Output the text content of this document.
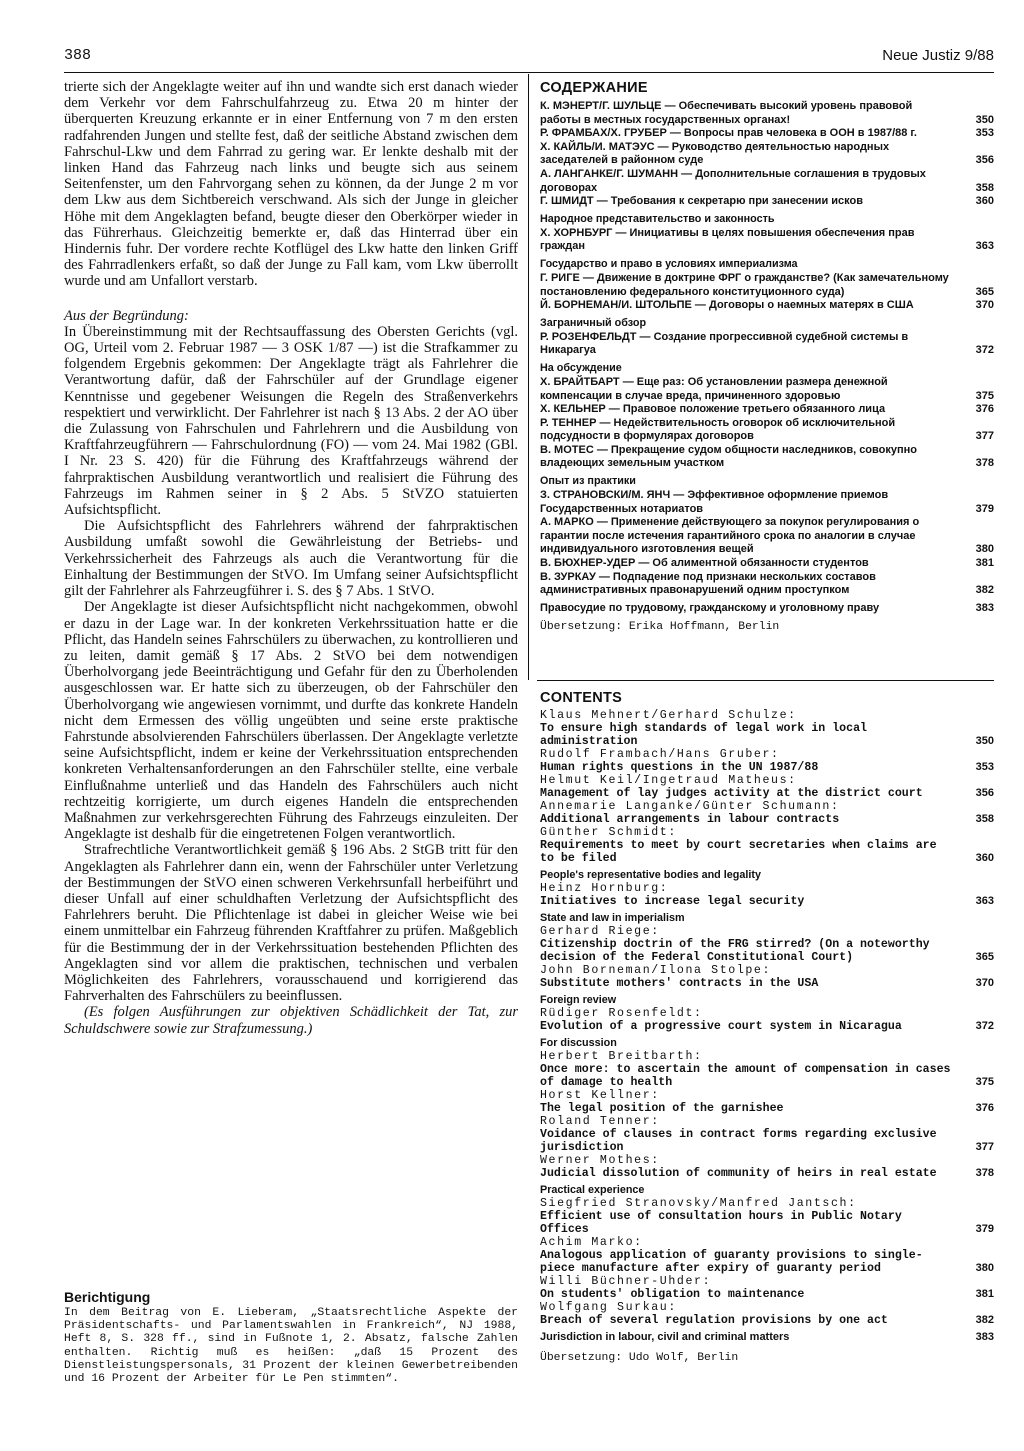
388	Neue Justiz 9/88

trierte sich der Angeklagte weiter auf ihn und wandte sich erst danach wieder dem Verkehr vor dem Fahrschulfahrzeug zu. Etwa 20 m hinter der überquerten Kreuzung erkannte er in einer Entfernung von 7 m den ersten radfahrenden Jungen und stellte fest, daß der seitliche Abstand zwischen dem Fahrschul-Lkw und dem Fahrrad zu gering war. Er lenkte deshalb mit der linken Hand das Fahrzeug nach links und beugte sich aus seinem Seitenfenster, um den Fahrvorgang sehen zu können, da der Junge 2 m vor dem Lkw aus dem Sichtbereich verschwand. Als sich der Junge in gleicher Höhe mit dem Angeklagten befand, beugte dieser den Oberkörper wieder in das Führerhaus. Gleichzeitig bemerkte er, daß das Hinterrad über ein Hindernis fuhr. Der vordere rechte Kotflügel des Lkw hatte den linken Griff des Fahrradlenkers erfaßt, so daß der Junge zu Fall kam, vom Lkw überrollt wurde und am Unfallort verstarb.

Aus der Begründung:

In Übereinstimmung mit der Rechtsauffassung des Obersten Gerichts (vgl. OG, Urteil vom 2. Februar 1987 — 3 OSK 1/87 —) ist die Strafkammer zu folgendem Ergebnis gekommen: Der Angeklagte trägt als Fahrlehrer die Verantwortung dafür, daß der Fahrschüler auf der Grundlage eigener Kenntnisse und gegebener Weisungen die Regeln des Straßenverkehrs respektiert und verwirklicht. Der Fahrlehrer ist nach § 13 Abs. 2 der AO über die Zulassung von Fahrschulen und Fahrlehrern und die Ausbildung von Kraftfahrzeugführern — Fahrschulordnung (FO) — vom 24. Mai 1982 (GBl. I Nr. 23 S. 420) für die Führung des Kraftfahrzeugs während der fahrpraktischen Ausbildung verantwortlich und realisiert die Führung des Fahrzeugs im Rahmen seiner in § 2 Abs. 5 StVZO statuierten Aufsichtspflicht.

Die Aufsichtspflicht des Fahrlehrers während der fahrpraktischen Ausbildung umfaßt sowohl die Gewährleistung der Betriebs- und Verkehrssicherheit des Fahrzeugs als auch die Verantwortung für die Einhaltung der Bestimmungen der StVO. Im Umfang seiner Aufsichtspflicht gilt der Fahrlehrer als Fahrzeugführer i. S. des § 7 Abs. 1 StVO.

Der Angeklagte ist dieser Aufsichtspflicht nicht nachgekommen, obwohl er dazu in der Lage war. In der konkreten Verkehrssituation hatte er die Pflicht, das Handeln seines Fahrschülers zu überwachen, zu kontrollieren und zu leiten, damit gemäß § 17 Abs. 2 StVO bei dem notwendigen Überholvorgang jede Beeinträchtigung und Gefahr für den zu Überholenden ausgeschlossen war. Er hatte sich zu überzeugen, ob der Fahrschüler den Überholvorgang wie angewiesen vornimmt, und durfte das konkrete Handeln nicht dem Ermessen des völlig ungeübten und seine erste praktische Fahrstunde absolvierenden Fahrschülers überlassen. Der Angeklagte verletzte seine Aufsichtspflicht, indem er keine der Verkehrssituation entsprechenden konkreten Verhaltensanforderungen an den Fahrschüler stellte, eine verbale Einflußnahme unterließ und das Handeln des Fahrschülers auch nicht rechtzeitig korrigierte, um durch eigenes Handeln die entsprechenden Maßnahmen zur verkehrsgerechten Führung des Fahrzeugs einzuleiten. Der Angeklagte ist deshalb für die eingetretenen Folgen verantwortlich.

Strafrechtliche Verantwortlichkeit gemäß § 196 Abs. 2 StGB tritt für den Angeklagten als Fahrlehrer dann ein, wenn der Fahrschüler unter Verletzung der Bestimmungen der StVO einen schweren Verkehrsunfall herbeiführt und dieser Unfall auf einer schuldhaften Verletzung der Aufsichtspflicht des Fahrlehrers beruht. Die Pflichtenlage ist dabei in gleicher Weise wie bei einem unmittelbar ein Fahrzeug führenden Kraftfahrer zu prüfen. Maßgeblich für die Bestimmung der in der Verkehrssituation bestehenden Pflichten des Angeklagten sind vor allem die praktischen, technischen und verbalen Möglichkeiten des Fahrlehrers, vorausschauend und korrigierend das Fahrverhalten des Fahrschülers zu beeinflussen.

(Es folgen Ausführungen zur objektiven Schädlichkeit der Tat, zur Schuldschwere sowie zur Strafzumessung.)

Berichtigung

In dem Beitrag von E. Lieberam, „Staatsrechtliche Aspekte der Präsidentschafts- und Parlamentswahlen in Frankreich“, NJ 1988, Heft 8, S. 328 ff., sind in Fußnote 1, 2. Absatz, falsche Zahlen enthalten. Richtig muß es heißen: „daß 15 Prozent des Dienstleistungspersonals, 31 Prozent der kleinen Gewerbetreibenden und 16 Prozent der Arbeiter für Le Pen stimmten“.

СОДЕРЖАНИЕ
К. МЭНЕРТ/Г. ШУЛЬЦЕ — Обеспечивать высокий уровень правовой работы в местных государственных органах!	350
Р. ФРАМБАХ/Х. ГРУБЕР — Вопросы прав человека в ООН в 1987/88 г.	353
Х. КАЙЛЬ/И. МАТЭУС — Руководство деятельностью народных заседателей в районном суде	356
А. ЛАНГАНКЕ/Г. ШУМАНН — Дополнительные соглашения в трудовых договорах	358
Г. ШМИДТ — Требования к секретарю при занесении исков	360
Народное представительство и законность
Х. ХОРНБУРГ — Инициативы в целях повышения обеспечения прав граждан	363
Государство и право в условиях империализма
Г. РИГЕ — Движение в доктрине ФРГ о гражданстве? (Как замечательному постановлению федерального конституционного суда)	365
Й. БОРНЕМАН/И. ШТОЛЬПЕ — Договоры о наемных матерях в США	370
Заграничный обзор
Р. РОЗЕНФЕЛЬДТ — Создание прогрессивной судебной системы в Никарагуа	372
На обсуждение
Х. БРАЙТБАРТ — Еще раз: Об установлении размера денежной компенсации в случае вреда, причиненного здоровью	375
Х. КЕЛЬНЕР — Правовое положение третьего обязанного лица	376
Р. ТЕННЕР — Недействительность оговорок об исключительной подсудности в формулярах договоров	377
В. МОТЕС — Прекращение судом общности наследников, совокупно владеющих земельным участком	378
Опыт из практики
З. СТРАНОВСКИ/М. ЯНЧ — Эффективное оформление приемов Государственных нотариатов	379
А. МАРКО — Применение действующего за покупок регулирования о гарантии после истечения гарантийного срока по аналогии в случае индивидуального изготовления вещей	380
В. БЮХНЕР-УДЕР — Об алиментной обязанности студентов	381
В. ЗУРКАУ — Подпадение под признаки нескольких составов административных правонарушений одним проступком	382
Правосудие по трудовому, гражданскому и уголовному праву	383
Übersetzung: Erika Hoffmann, Berlin
CONTENTS
Klaus Mehnert/Gerhard Schulze:
To ensure high standards of legal work in local administration	350
Rudolf Frambach/Hans Gruber:
Human rights questions in the UN 1987/88	353
Helmut Keil/Ingetraud Matheus:
Management of lay judges activity at the district court	356
Annemarie Langanke/Günter Schumann:
Additional arrangements in labour contracts	358
Günther Schmidt:
Requirements to meet by court secretaries when claims are to be filed	360
People's representative bodies and legality
Heinz Hornburg:
Initiatives to increase legal security	363
State and law in imperialism
Gerhard Riege:
Citizenship doctrin of the FRG stirred? (On a noteworthy decision of the Federal Constitutional Court)	365
John Borneman/Ilona Stolpe:
Substitute mothers' contracts in the USA	370
Foreign review
Rüdiger Rosenfeldt:
Evolution of a progressive court system in Nicaragua	372
For discussion
Herbert Breitbarth:
Once more: to ascertain the amount of compensation in cases of damage to health	375
Horst Kellner:
The legal position of the garnishee	376
Roland Tenner:
Voidance of clauses in contract forms regarding exclusive jurisdiction	377
Werner Mothes:
Judicial dissolution of community of heirs in real estate	378
Practical experience
Siegfried Stranovsky/Manfred Jantsch:
Efficient use of consultation hours in Public Notary Offices	379
Achim Marko:
Analogous application of guaranty provisions to single-piece manufacture after expiry of guaranty period	380
Willi Büchner-Uhder:
On students' obligation to maintenance	381
Wolfgang Surkau:
Breach of several regulation provisions by one act	382
Jurisdiction in labour, civil and criminal matters	383
Übersetzung: Udo Wolf, Berlin
